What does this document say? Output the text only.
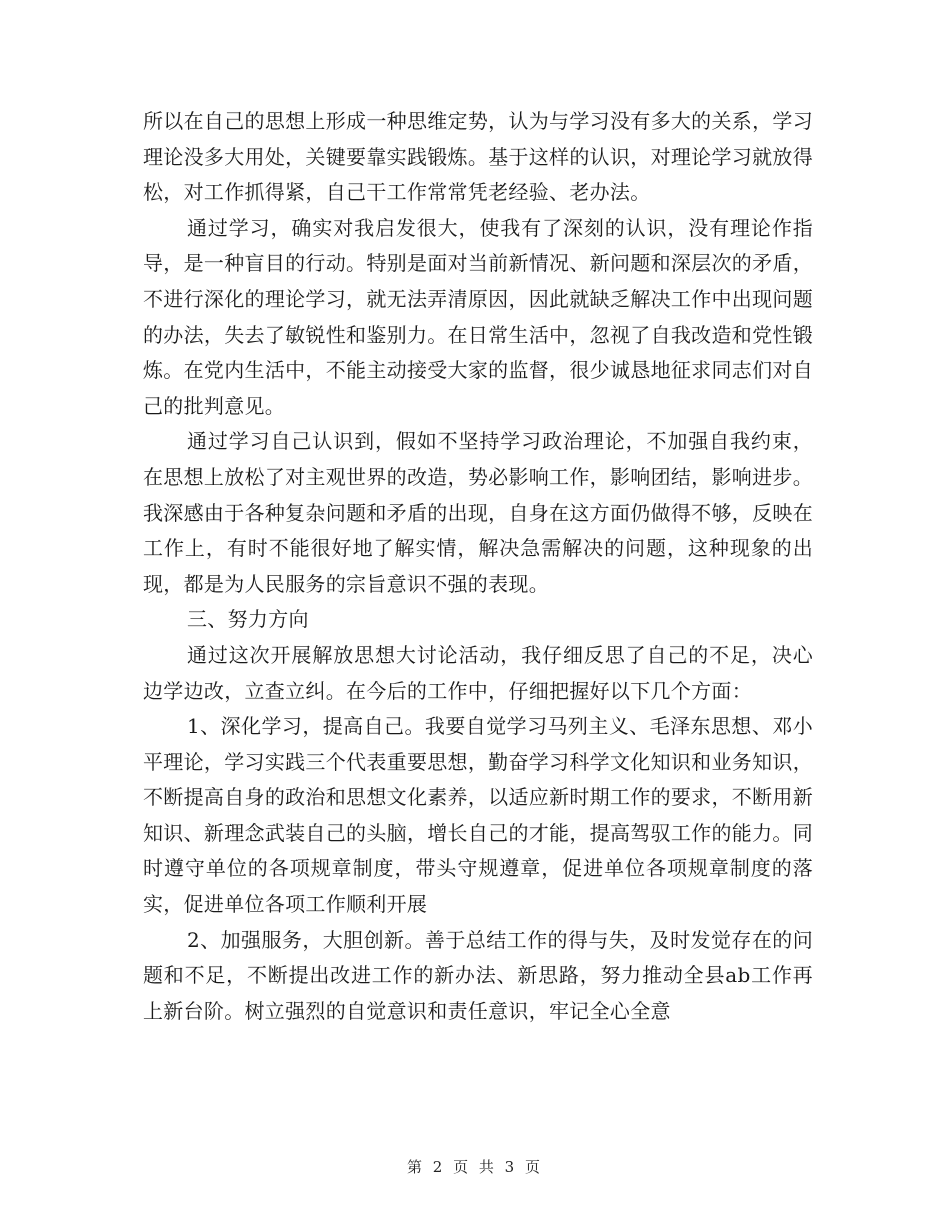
所以在自己的思想上形成一种思维定势，认为与学习没有多大的关系，学习理论没多大用处，关键要靠实践锻炼。基于这样的认识，对理论学习就放得松，对工作抓得紧，自己干工作常常凭老经验、老办法。

通过学习，确实对我启发很大，使我有了深刻的认识，没有理论作指导，是一种盲目的行动。特别是面对当前新情况、新问题和深层次的矛盾，不进行深化的理论学习，就无法弄清原因，因此就缺乏解决工作中出现问题的办法，失去了敏锐性和鉴别力。在日常生活中，忽视了自我改造和党性锻炼。在党内生活中，不能主动接受大家的监督，很少诚恳地征求同志们对自己的批判意见。

通过学习自己认识到，假如不坚持学习政治理论，不加强自我约束，在思想上放松了对主观世界的改造，势必影响工作，影响团结，影响进步。我深感由于各种复杂问题和矛盾的出现，自身在这方面仍做得不够，反映在工作上，有时不能很好地了解实情，解决急需解决的问题，这种现象的出现，都是为人民服务的宗旨意识不强的表现。

三、努力方向

通过这次开展解放思想大讨论活动，我仔细反思了自己的不足，决心边学边改，立查立纠。在今后的工作中，仔细把握好以下几个方面：

1、深化学习，提高自己。我要自觉学习马列主义、毛泽东思想、邓小平理论，学习实践三个代表重要思想，勤奋学习科学文化知识和业务知识，不断提高自身的政治和思想文化素养，以适应新时期工作的要求，不断用新知识、新理念武装自己的头脑，增长自己的才能，提高驾驭工作的能力。同时遵守单位的各项规章制度，带头守规遵章，促进单位各项规章制度的落实，促进单位各项工作顺利开展

2、加强服务，大胆创新。善于总结工作的得与失，及时发觉存在的问题和不足，不断提出改进工作的新办法、新思路，努力推动全县ab工作再上新台阶。树立强烈的自觉意识和责任意识，牢记全心全意

第 2 页 共 3 页
